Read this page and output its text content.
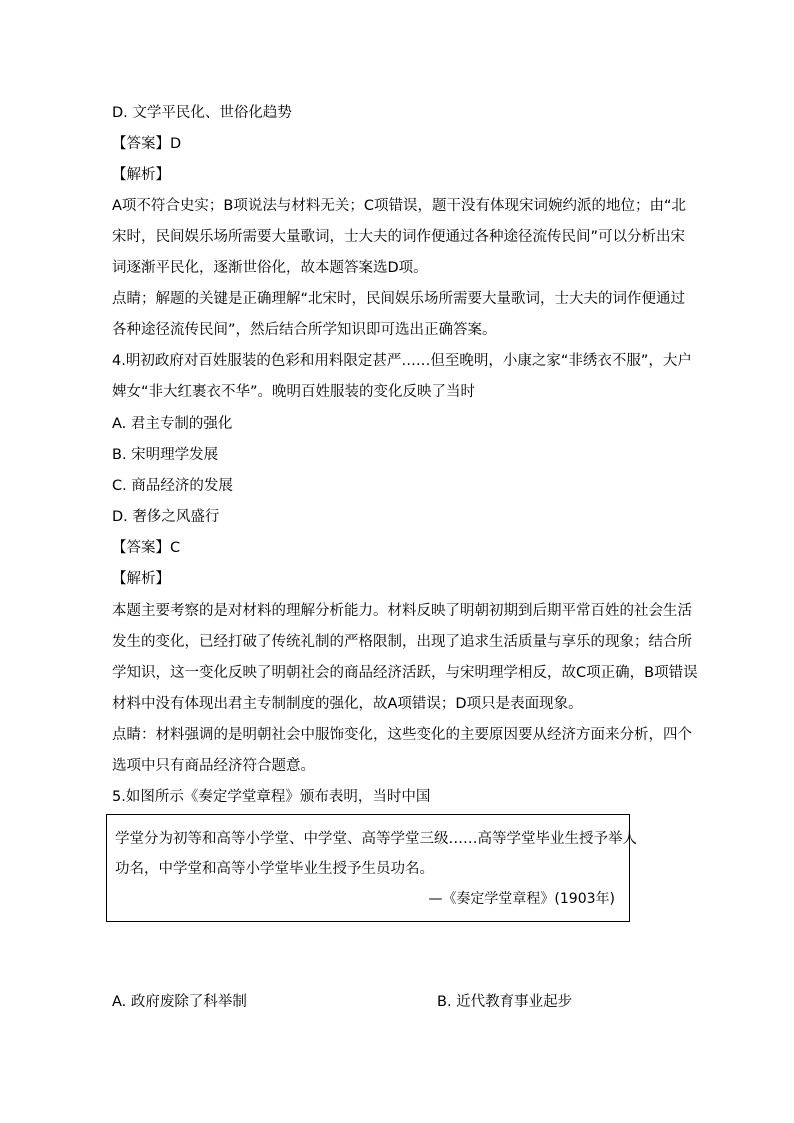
D. 文学平民化、世俗化趋势
【答案】D
【解析】
A项不符合史实；B项说法与材料无关；C项错误，题干没有体现宋词婉约派的地位；由“北
宋时，民间娱乐场所需要大量歌词，士大夫的词作便通过各种途径流传民间”可以分析出宋
词逐渐平民化，逐渐世俗化，故本题答案选D项。
点睛；解题的关键是正确理解“北宋时，民间娱乐场所需要大量歌词，士大夫的词作便通过
各种途径流传民间”，然后结合所学知识即可选出正确答案。
4.明初政府对百姓服装的色彩和用料限定甚严……但至晚明，小康之家“非绣衣不服”，大户
婢女“非大红裹衣不华”。晚明百姓服装的变化反映了当时
A. 君主专制的强化
B. 宋明理学发展
C. 商品经济的发展
D. 奢侈之风盛行
【答案】C
【解析】
本题主要考察的是对材料的理解分析能力。材料反映了明朝初期到后期平常百姓的社会生活
发生的变化，已经打破了传统礼制的严格限制，出现了追求生活质量与享乐的现象；结合所
学知识，这一变化反映了明朝社会的商品经济活跃，与宋明理学相反，故C项正确，B项错误
材料中没有体现出君主专制制度的强化，故A项错误；D项只是表面现象。
点睛：材料强调的是明朝社会中服饰变化，这些变化的主要原因要从经济方面来分析，四个
选项中只有商品经济符合题意。
5.如图所示《奏定学堂章程》颁布表明，当时中国
学堂分为初等和高等小学堂、中学堂、高等学堂三级……高等学堂毕业生授予举人
功名，中学堂和高等小学堂毕业生授予生员功名。
—《奏定学堂章程》(1903年)
A. 政府废除了科举制	B. 近代教育事业起步
